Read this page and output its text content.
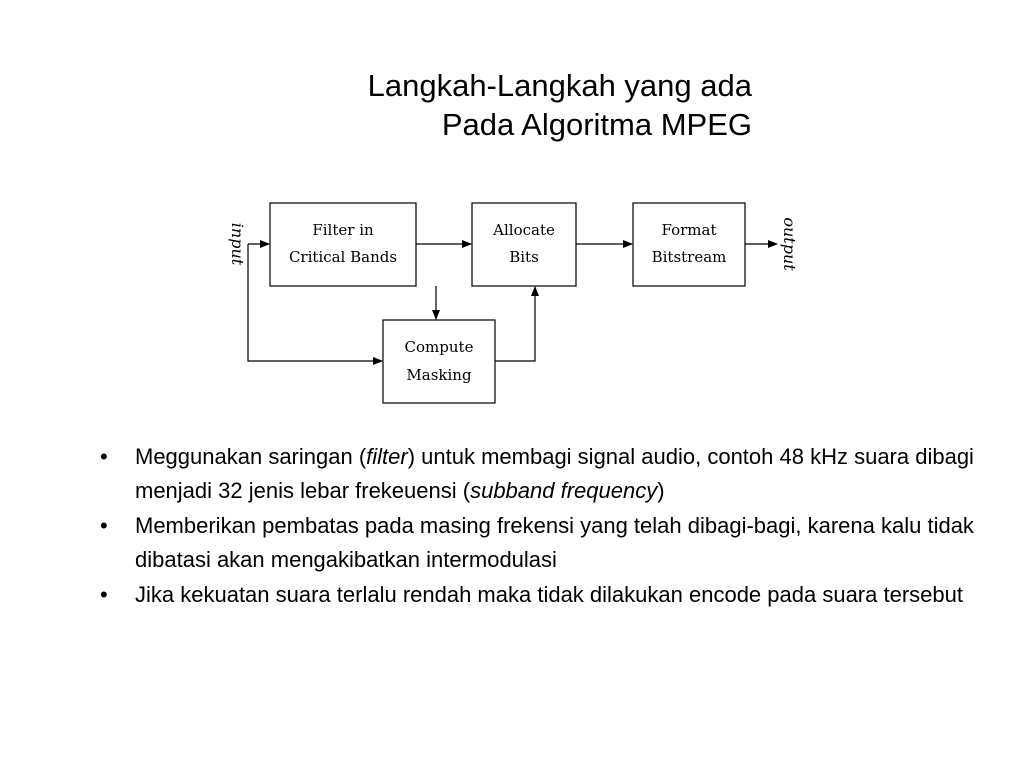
Langkah-Langkah yang ada
Pada Algoritma MPEG
input	output
Filter in
Critical Bands
Allocate
Bits
Format
Bitstream
Compute
Masking
• Meggunakan saringan (filter) untuk membagi signal audio, contoh 48 kHz suara dibagi menjadi 32 jenis lebar frekeuensi (subband frequency)
• Memberikan pembatas pada masing frekensi yang telah dibagi-bagi, karena kalu tidak dibatasi akan mengakibatkan intermodulasi
• Jika kekuatan suara terlalu rendah maka tidak dilakukan encode pada suara tersebut
